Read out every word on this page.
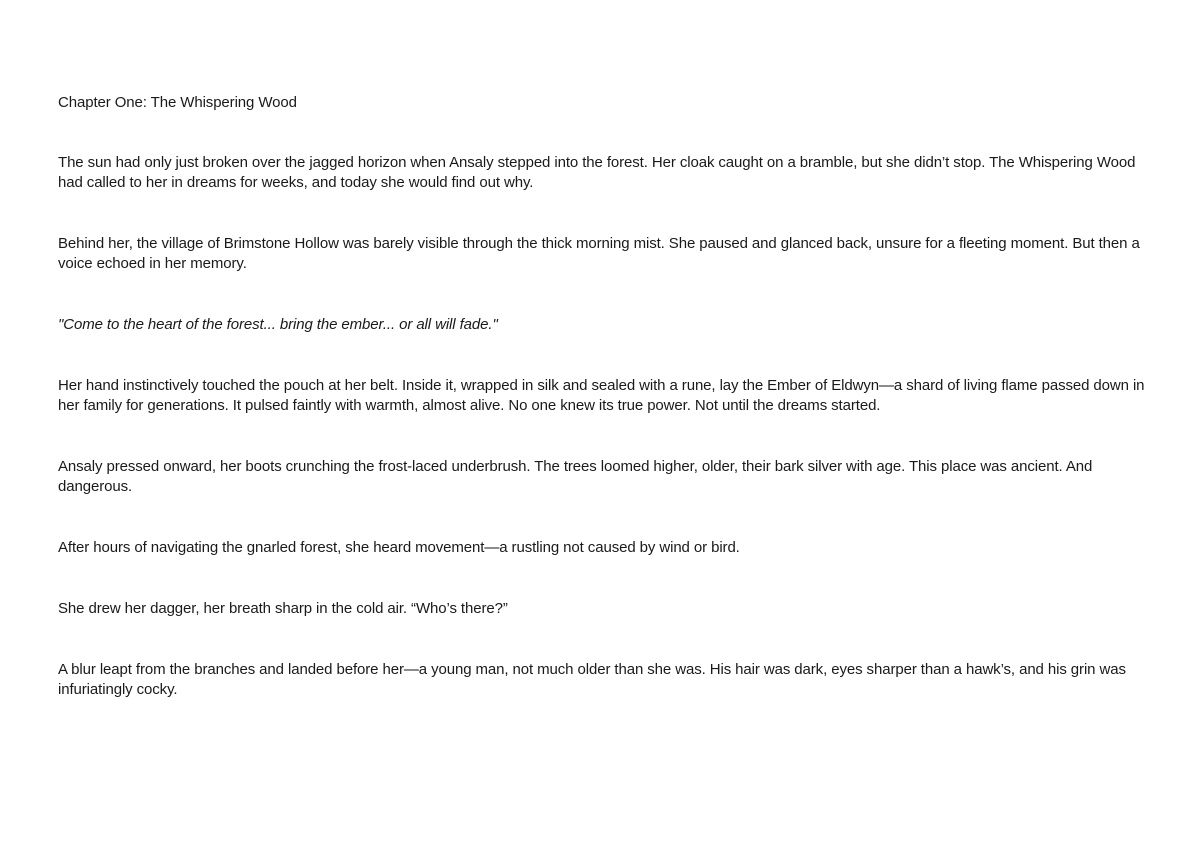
Chapter One: The Whispering Wood

The sun had only just broken over the jagged horizon when Ansaly stepped into the forest. Her cloak caught on a bramble, but she didn’t stop. The Whispering Wood had called to her in dreams for weeks, and today she would find out why.

Behind her, the village of Brimstone Hollow was barely visible through the thick morning mist. She paused and glanced back, unsure for a fleeting moment. But then a voice echoed in her memory.

"Come to the heart of the forest... bring the ember... or all will fade."

Her hand instinctively touched the pouch at her belt. Inside it, wrapped in silk and sealed with a rune, lay the Ember of Eldwyn—a shard of living flame passed down in her family for generations. It pulsed faintly with warmth, almost alive. No one knew its true power. Not until the dreams started.

Ansaly pressed onward, her boots crunching the frost-laced underbrush. The trees loomed higher, older, their bark silver with age. This place was ancient. And dangerous.

After hours of navigating the gnarled forest, she heard movement—a rustling not caused by wind or bird.

She drew her dagger, her breath sharp in the cold air. “Who’s there?”

A blur leapt from the branches and landed before her—a young man, not much older than she was. His hair was dark, eyes sharper than a hawk’s, and his grin was infuriatingly cocky.
